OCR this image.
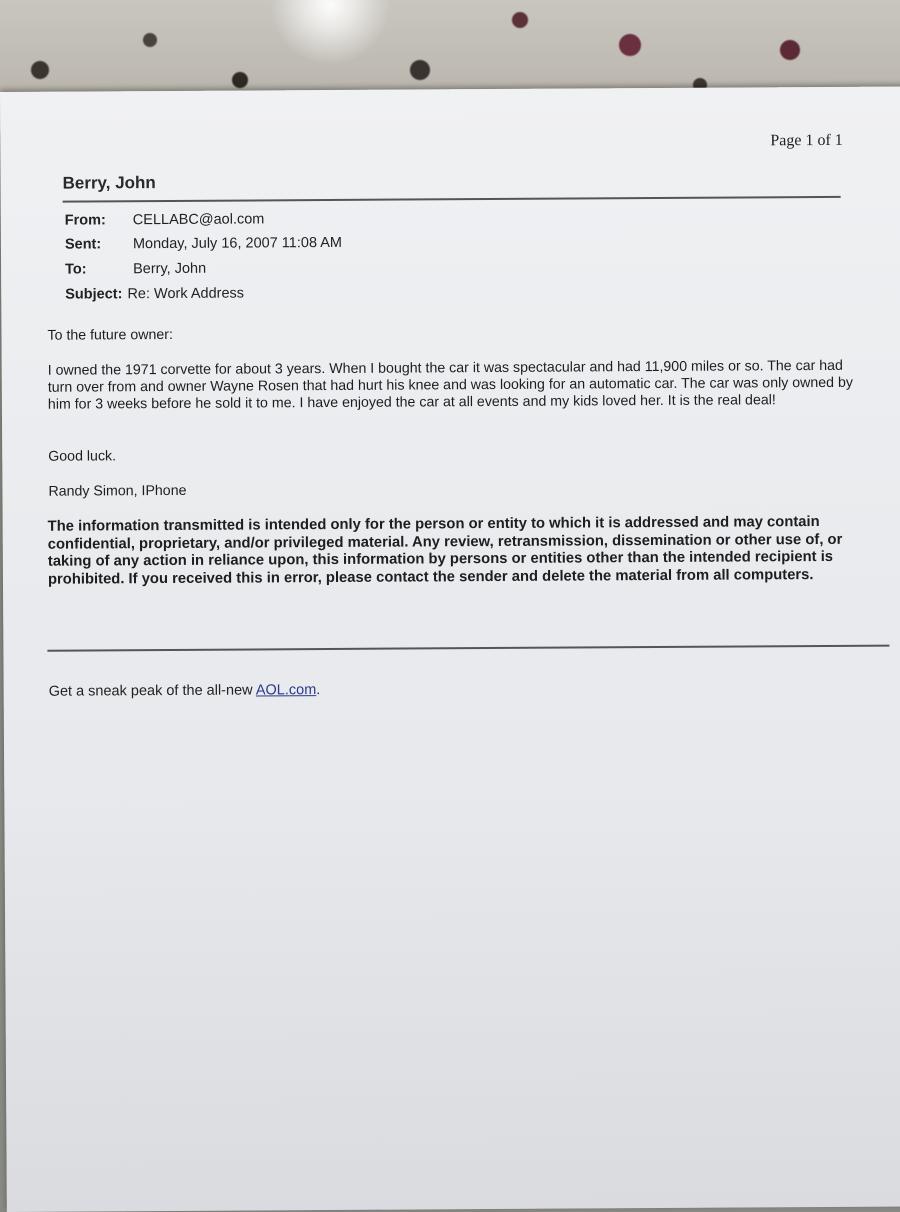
Page 1 of 1
Berry, John
From: CELLABC@aol.com
Sent: Monday, July 16, 2007 11:08 AM
To:	Berry, John
Subject: Re: Work Address
To the future owner:
I owned the 1971 corvette for about 3 years. When I bought the car it was spectacular and had 11,900 miles or so. The car had turn over from and owner Wayne Rosen that had hurt his knee and was looking for an automatic car. The car was only owned by him for 3 weeks before he sold it to me. I have enjoyed the car at all events and my kids loved her. It is the real deal!
Good luck.
Randy Simon, IPhone
The information transmitted is intended only for the person or entity to which it is addressed and may contain confidential, proprietary, and/or privileged material. Any review, retransmission, dissemination or other use of, or taking of any action in reliance upon, this information by persons or entities other than the intended recipient is prohibited. If you received this in error, please contact the sender and delete the material from all computers.
Get a sneak peak of the all-new AOL.com.
